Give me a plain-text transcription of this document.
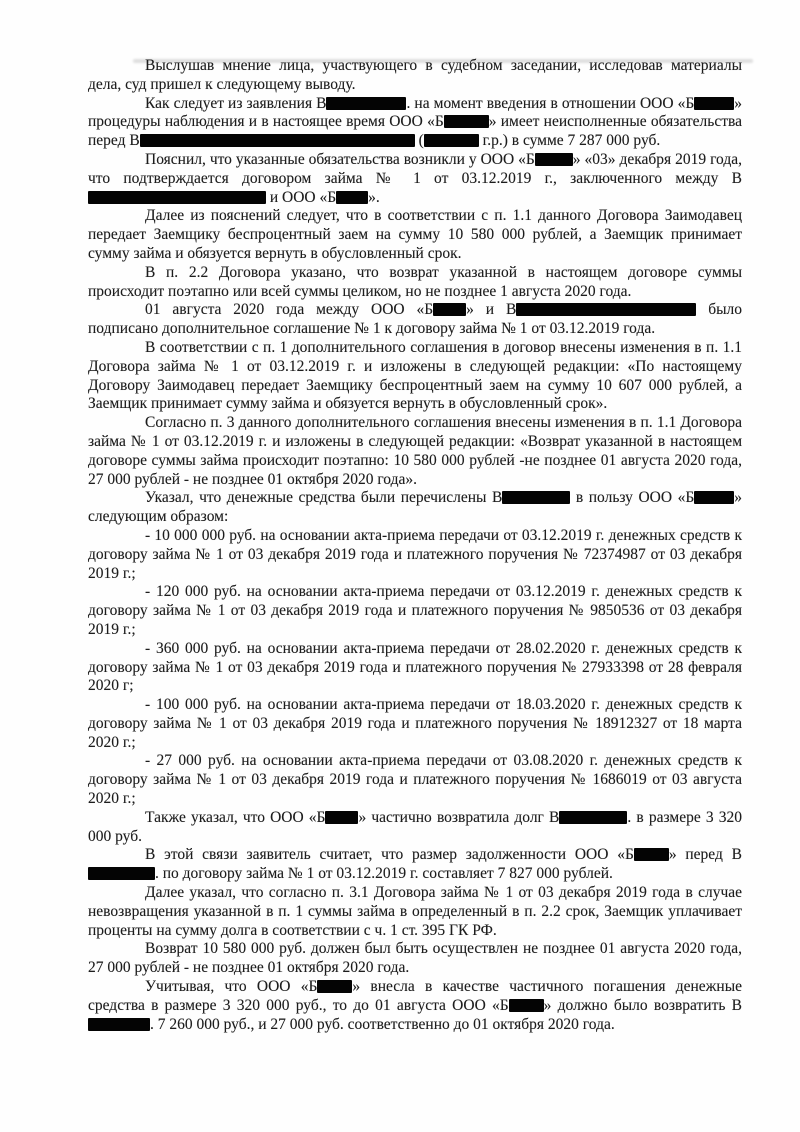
Выслушав мнение лица, участвующего в судебном заседании, исследовав материалы дела, суд пришел к следующему выводу.

Как следует из заявления В	. на момент введения в отношении ООО «Б	» процедуры наблюдения и в настоящее время ООО «Б	» имеет неисполненные обязательства перед В	(	г.р.) в сумме 7 287 000 руб.

Пояснил, что указанные обязательства возникли у ООО «Б » «03» декабря 2019 года, что подтверждается договором займа № 1 от 03.12.2019 г., заключенного между В и ООО «Б ».

Далее из пояснений следует, что в соответствии с п. 1.1 данного Договора Заимодавец передает Заемщику беспроцентный заем на сумму 10 580 000 рублей, а Заемщик принимает сумму займа и обязуется вернуть в обусловленный срок.

В п. 2.2 Договора указано, что возврат указанной в настоящем договоре суммы происходит поэтапно или всей суммы целиком, но не позднее 1 августа 2020 года.

01 августа 2020 года между ООО «Б » и В	было подписано дополнительное соглашение № 1 к договору займа № 1 от 03.12.2019 года.

В соответствии с п. 1 дополнительного соглашения в договор внесены изменения в п. 1.1 Договора займа № 1 от 03.12.2019 г. и изложены в следующей редакции: «По настоящему Договору Заимодавец передает Заемщику беспроцентный заем на сумму 10 607 000 рублей, а Заемщик принимает сумму займа и обязуется вернуть в обусловленный срок».

Согласно п. 3 данного дополнительного соглашения внесены изменения в п. 1.1 Договора займа № 1 от 03.12.2019 г. и изложены в следующей редакции: «Возврат указанной в настоящем договоре суммы займа происходит поэтапно: 10 580 000 рублей -не позднее 01 августа 2020 года, 27 000 рублей - не позднее 01 октября 2020 года».

Указал, что денежные средства были перечислены В	в пользу ООО «Б	» следующим образом:

- 10 000 000 руб. на основании акта-приема передачи от 03.12.2019 г. денежных средств к договору займа № 1 от 03 декабря 2019 года и платежного поручения № 72374987 от 03 декабря 2019 г.;

- 120 000 руб. на основании акта-приема передачи от 03.12.2019 г. денежных средств к договору займа № 1 от 03 декабря 2019 года и платежного поручения № 9850536 от 03 декабря 2019 г.;

- 360 000 руб. на основании акта-приема передачи от 28.02.2020 г. денежных средств к договору займа № 1 от 03 декабря 2019 года и платежного поручения № 27933398 от 28 февраля 2020 г;

- 100 000 руб. на основании акта-приема передачи от 18.03.2020 г. денежных средств к договору займа № 1 от 03 декабря 2019 года и платежного поручения № 18912327 от 18 марта 2020 г.;

- 27 000 руб. на основании акта-приема передачи от 03.08.2020 г. денежных средств к договору займа № 1 от 03 декабря 2019 года и платежного поручения № 1686019 от 03 августа 2020 г.;

Также указал, что ООО «Б » частично возвратила долг В	. в размере 3 320 000 руб.

В этой связи заявитель считает, что размер задолженности ООО «Б » перед В. по договору займа № 1 от 03.12.2019 г. составляет 7 827 000 рублей.

Далее указал, что согласно п. 3.1 Договора займа № 1 от 03 декабря 2019 года в случае невозвращения указанной в п. 1 суммы займа в определенный в п. 2.2 срок, Заемщик уплачивает проценты на сумму долга в соответствии с ч. 1 ст. 395 ГК РФ.

Возврат 10 580 000 руб. должен был быть осуществлен не позднее 01 августа 2020 года, 27 000 рублей - не позднее 01 октября 2020 года.

Учитывая, что ООО «Б » внесла в качестве частичного погашения денежные средства в размере 3 320 000 руб., то до 01 августа ООО «Б » должно было возвратить В. 7 260 000 руб., и 27 000 руб. соответственно до 01 октября 2020 года.
